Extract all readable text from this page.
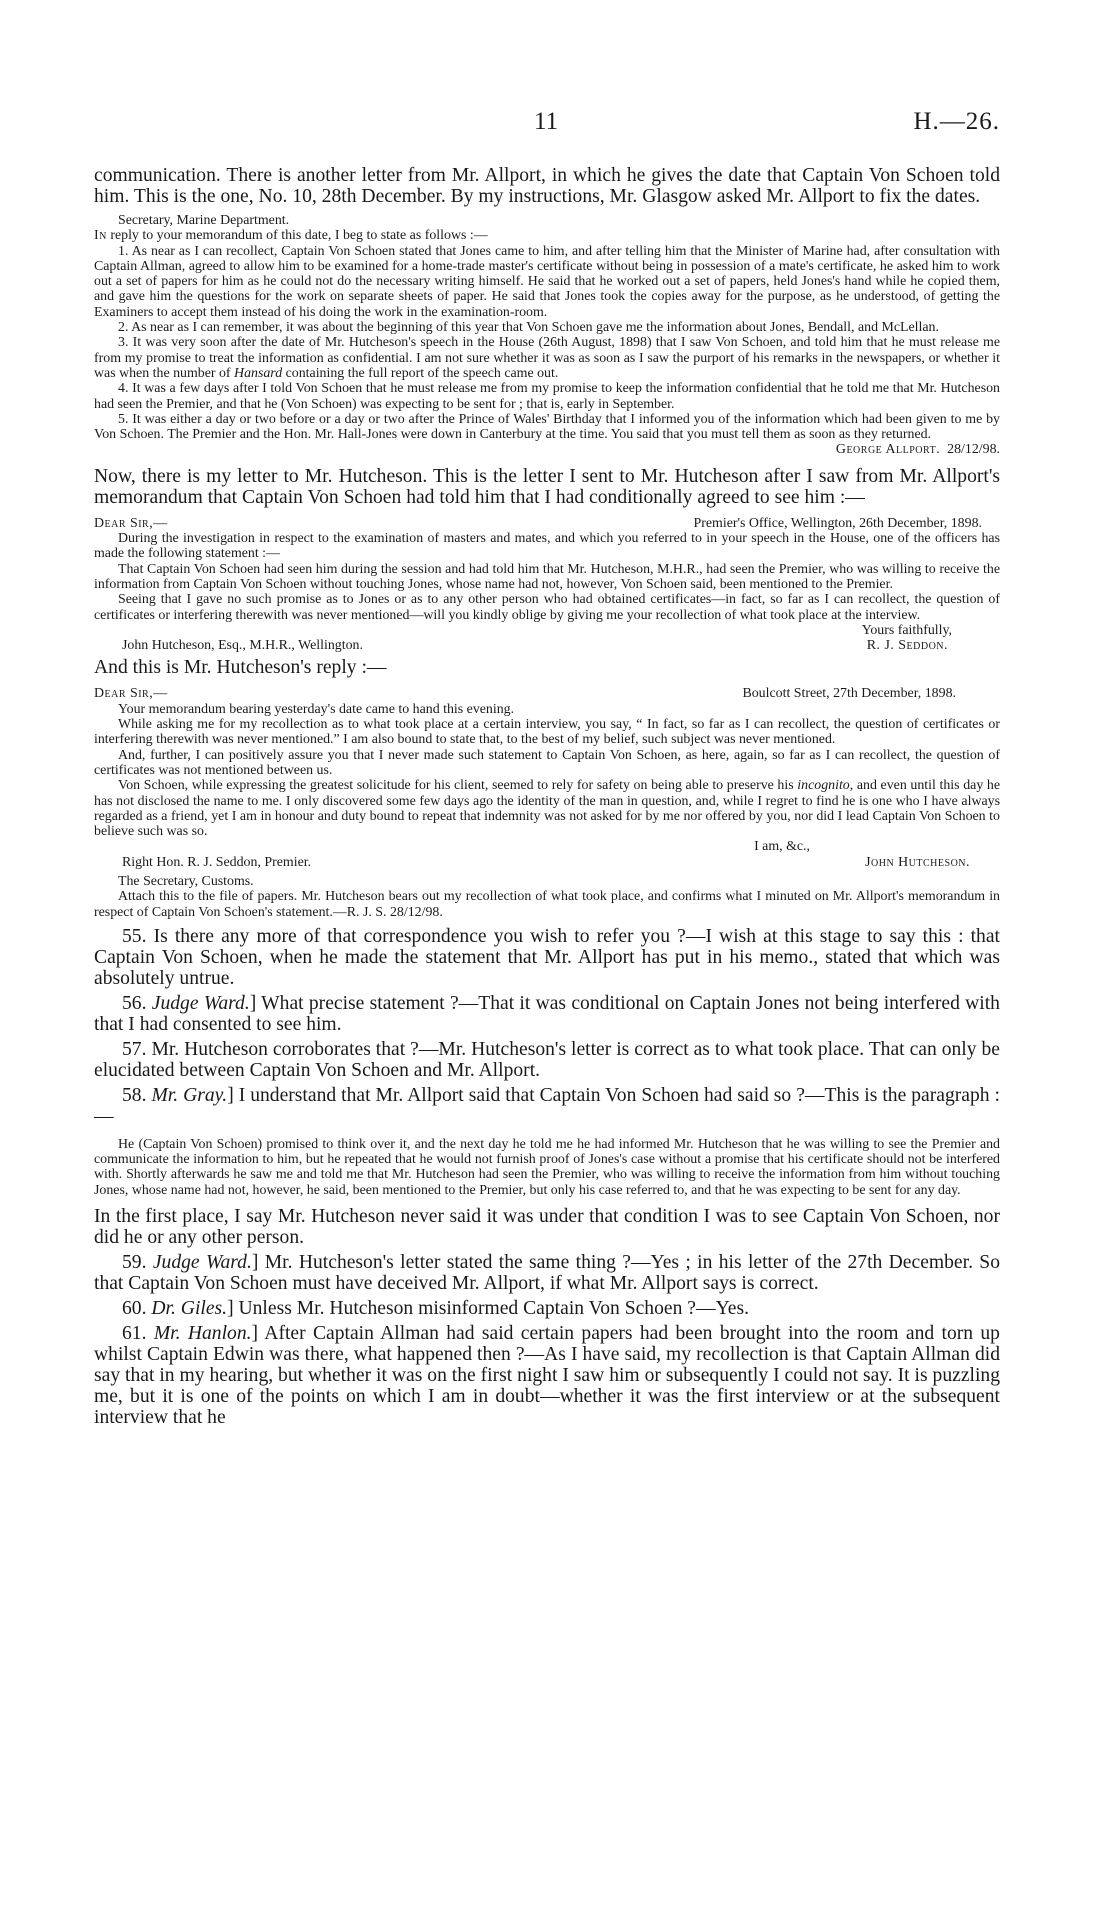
11	H.—26.

communication. There is another letter from Mr. Allport, in which he gives the date that Captain Von Schoen told him. This is the one, No. 10, 28th December. By my instructions, Mr. Glasgow asked Mr. Allport to fix the dates.

Secretary, Marine Department.

In reply to your memorandum of this date, I beg to state as follows :—

1. As near as I can recollect, Captain Von Schoen stated that Jones came to him, and after telling him that the Minister of Marine had, after consultation with Captain Allman, agreed to allow him to be examined for a home-trade master's certificate without being in possession of a mate's certificate, he asked him to work out a set of papers for him as he could not do the necessary writing himself. He said that he worked out a set of papers, held Jones's hand while he copied them, and gave him the questions for the work on separate sheets of paper. He said that Jones took the copies away for the purpose, as he understood, of getting the Examiners to accept them instead of his doing the work in the examination-room.

2. As near as I can remember, it was about the beginning of this year that Von Schoen gave me the information about Jones, Bendall, and McLellan.

3. It was very soon after the date of Mr. Hutcheson's speech in the House (26th August, 1898) that I saw Von Schoen, and told him that he must release me from my promise to treat the information as confidential. I am not sure whether it was as soon as I saw the purport of his remarks in the newspapers, or whether it was when the number of Hansard containing the full report of the speech came out.

4. It was a few days after I told Von Schoen that he must release me from my promise to keep the information confidential that he told me that Mr. Hutcheson had seen the Premier, and that he (Von Schoen) was expecting to be sent for ; that is, early in September.

5. It was either a day or two before or a day or two after the Prince of Wales' Birthday that I informed you of the information which had been given to me by Von Schoen. The Premier and the Hon. Mr. Hall-Jones were down in Canterbury at the time. You said that you must tell them as soon as they returned.

George Allport. 28/12/98.

Now, there is my letter to Mr. Hutcheson. This is the letter I sent to Mr. Hutcheson after I saw from Mr. Allport's memorandum that Captain Von Schoen had told him that I had conditionally agreed to see him :—

Dear Sir,—	Premier's Office, Wellington, 26th December, 1898.

During the investigation in respect to the examination of masters and mates, and which you referred to in your speech in the House, one of the officers has made the following statement :—

That Captain Von Schoen had seen him during the session and had told him that Mr. Hutcheson, M.H.R., had seen the Premier, who was willing to receive the information from Captain Von Schoen without touching Jones, whose name had not, however, Von Schoen said, been mentioned to the Premier.

Seeing that I gave no such promise as to Jones or as to any other person who had obtained certificates—in fact, so far as I can recollect, the question of certificates or interfering therewith was never mentioned—will you kindly oblige by giving me your recollection of what took place at the interview.

Yours faithfully,

John Hutcheson, Esq., M.H.R., Wellington.	R. J. Seddon.

And this is Mr. Hutcheson's reply :—

Dear Sir,—	Boulcott Street, 27th December, 1898.

Your memorandum bearing yesterday's date came to hand this evening.

While asking me for my recollection as to what took place at a certain interview, you say, “ In fact, so far as I can recollect, the question of certificates or interfering therewith was never mentioned.” I am also bound to state that, to the best of my belief, such subject was never mentioned.

And, further, I can positively assure you that I never made such statement to Captain Von Schoen, as here, again, so far as I can recollect, the question of certificates was not mentioned between us.

Von Schoen, while expressing the greatest solicitude for his client, seemed to rely for safety on being able to preserve his incognito, and even until this day he has not disclosed the name to me. I only discovered some few days ago the identity of the man in question, and, while I regret to find he is one who I have always regarded as a friend, yet I am in honour and duty bound to repeat that indemnity was not asked for by me nor offered by you, nor did I lead Captain Von Schoen to believe such was so.

I am, &c.,

Right Hon. R. J. Seddon, Premier.	John Hutcheson.

The Secretary, Customs.

Attach this to the file of papers. Mr. Hutcheson bears out my recollection of what took place, and confirms what I minuted on Mr. Allport's memorandum in respect of Captain Von Schoen's statement.—R. J. S. 28/12/98.

55. Is there any more of that correspondence you wish to refer you ?—I wish at this stage to say this : that Captain Von Schoen, when he made the statement that Mr. Allport has put in his memo., stated that which was absolutely untrue.

56. Judge Ward.] What precise statement ?—That it was conditional on Captain Jones not being interfered with that I had consented to see him.

57. Mr. Hutcheson corroborates that ?—Mr. Hutcheson's letter is correct as to what took place. That can only be elucidated between Captain Von Schoen and Mr. Allport.

58. Mr. Gray.] I understand that Mr. Allport said that Captain Von Schoen had said so ?—This is the paragraph :—

He (Captain Von Schoen) promised to think over it, and the next day he told me he had informed Mr. Hutcheson that he was willing to see the Premier and communicate the information to him, but he repeated that he would not furnish proof of Jones's case without a promise that his certificate should not be interfered with. Shortly afterwards he saw me and told me that Mr. Hutcheson had seen the Premier, who was willing to receive the information from him without touching Jones, whose name had not, however, he said, been mentioned to the Premier, but only his case referred to, and that he was expecting to be sent for any day.

In the first place, I say Mr. Hutcheson never said it was under that condition I was to see Captain Von Schoen, nor did he or any other person.

59. Judge Ward.] Mr. Hutcheson's letter stated the same thing ?—Yes ; in his letter of the 27th December. So that Captain Von Schoen must have deceived Mr. Allport, if what Mr. Allport says is correct.

60. Dr. Giles.] Unless Mr. Hutcheson misinformed Captain Von Schoen ?—Yes.

61. Mr. Hanlon.] After Captain Allman had said certain papers had been brought into the room and torn up whilst Captain Edwin was there, what happened then ?—As I have said, my recollection is that Captain Allman did say that in my hearing, but whether it was on the first night I saw him or subsequently I could not say. It is puzzling me, but it is one of the points on which I am in doubt—whether it was the first interview or at the subsequent interview that he
